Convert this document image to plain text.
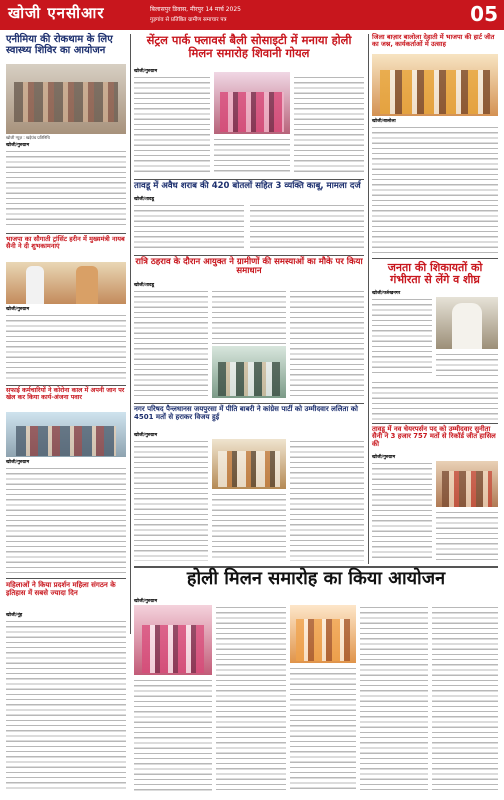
खोजी एनसीआर	बिलासपुर डिवास, मीरपुर 14 मार्च 2025
गुड़गांव से प्रतिष्ठित ग्रामीण समाचार पत्र	05
एनीमिया की रोकथाम के लिए स्वास्थ्य शिविर का आयोजन
खोजी न्यूज़ : खड़ेपंच प्रतिनिधि
खोजी/गुरुग्राम
भाजपा का सौगाती ट्रांसिंट हरीन में मुख्यमंत्री नायब सैनी ने दी शुभकामनाएं
खोजी/गुरुग्राम
सफाई कर्मचारियों ने कोरोना काल में अपनी जान पर खेल कर किया कार्य-अंजना पवार
खोजी/गुरुग्राम
महिलाओं ने किया प्रदर्शन महिला संगठन के इतिहास में सबसे ज्यादा दिन
खोजी/नूंह
सेंट्रल पार्क फ्लावर्स बैली सोसाइटी में मनाया होली मिलन समारोह शिवानी गोयल
खोजी/गुरुग्राम
तावडू में अवैध शराब की 420 बोतलों सहित 3 व्यक्ति काबू, मामला दर्ज
खोजी/तावडू
रात्रि ठहराव के दौरान आयुक्त ने ग्रामीणों की समस्याओं का मौके पर किया समाधान
खोजी/तावडू
नगर परिषद पैन्लधानस जयपुरसा में पीति बाबरी ने कांग्रेस पार्टी को उम्मीदवार ललिता को 4501 मतों से हराकर विजय हुई
खोजी/गुरुग्राम
जिला बाज़ार बालोला देहाती में भाजपा की हार्ट जीत का जश्न, कार्यकर्ताओं में उत्साह
खोजी/बालोला
जनता की शिकायतों को गंभीरता से लेंगे व शीघ्र
खोजी/फर्रुखनगर
तावडू में नव चेयरपर्सन पद को उम्मीदवार सुनीता सैनी ने 3 हजार 757 मतों से रिकॉर्ड जीत हासिल की
खोजी/गुरुग्राम
होली मिलन समारोह का किया आयोजन
खोजी/गुरुग्राम
